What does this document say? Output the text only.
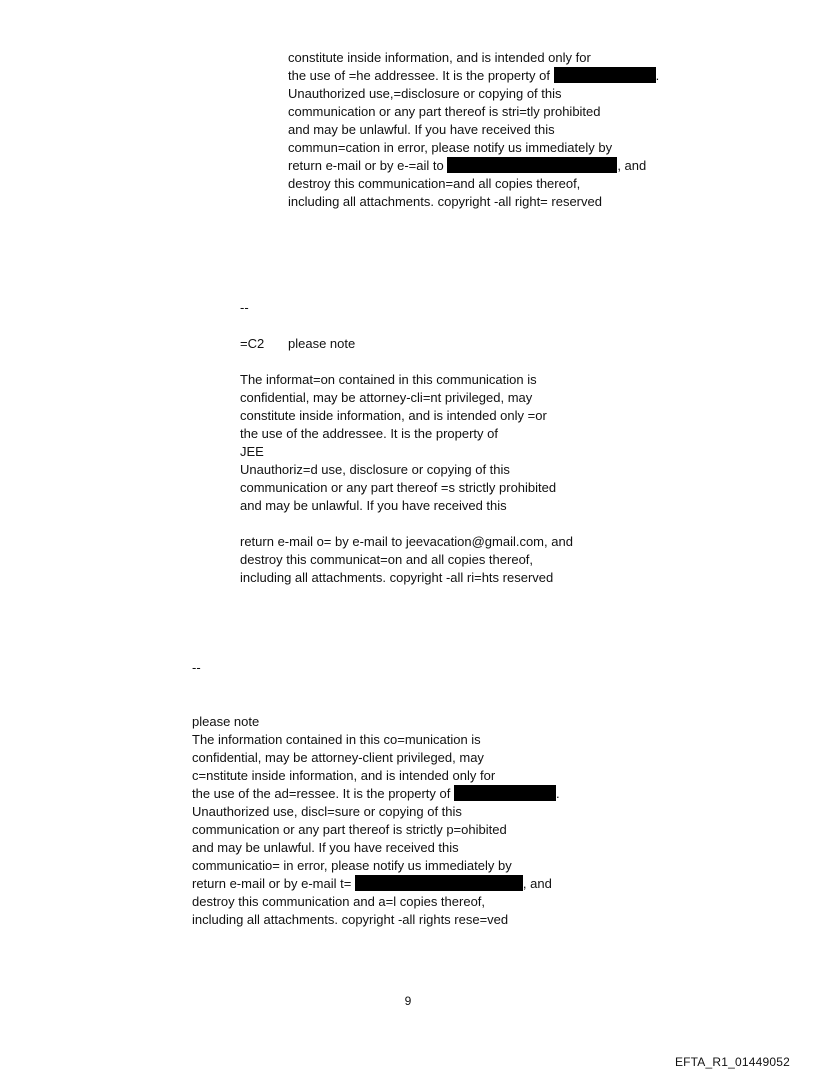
constitute inside information, and is intended only for
the use of =he addressee. It is the property of	.
Unauthorized use,=disclosure or copying of this
communication or any part thereof is stri=tly prohibited
and may be unlawful. If you have received this
commun=cation in error, please notify us immediately by
return e-mail or by e-=ail to	, and
destroy this communication=and all copies thereof,
including all attachments. copyright -all right= reserved
--
=C2 please note
The informat=on contained in this communication is
confidential, may be attorney-cli=nt privileged, may
constitute inside information, and is intended only =or
the use of the addressee. It is the property of
JEE
Unauthoriz=d use, disclosure or copying of this
communication or any part thereof =s strictly prohibited
and may be unlawful. If you have received this
return e-mail o= by e-mail to jeevacation@gmail.com, and
destroy this communicat=on and all copies thereof,
including all attachments. copyright -all ri=hts reserved
--
please note
The information contained in this co=munication is
confidential, may be attorney-client privileged, may
c=nstitute inside information, and is intended only for
the use of the ad=ressee. It is the property of	.
Unauthorized use, discl=sure or copying of this
communication or any part thereof is strictly p=ohibited
and may be unlawful. If you have received this
communicatio= in error, please notify us immediately by
return e-mail or by e-mail t=	, and
destroy this communication and a=l copies thereof,
including all attachments. copyright -all rights rese=ved
9
EFTA_R1_01449052
